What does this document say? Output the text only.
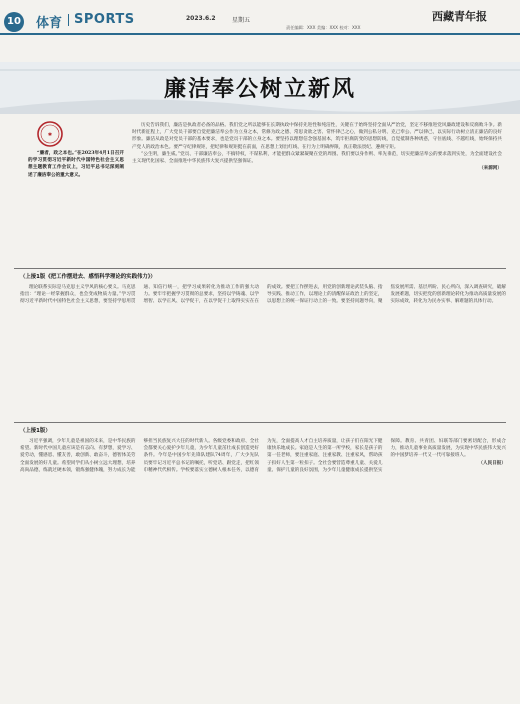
10 体育 SPORTS	2023.6.2	星期五	西藏青年报
责任编辑：XXX 美编：XXX 校对：XXX
廉洁奉公树立新风
✱

“廉者，政之本也。”在2023年4月1日召开的学习贯彻习近平新时代中国特色社会主义思想主题教育工作会议上，习近平总书记深刻阐述了廉洁奉公的重大意义。

历史告诉我们，廉洁是执政者必备的品格。我们党之所以能够在长期执政中保持先进性和纯洁性，关键在于始终坚持全面从严治党，坚定不移推进党风廉政建设和反腐败斗争。新时代新征程上，广大党员干部要自觉把廉洁奉公作为立身之本，常修为政之德、常思贪欲之害、常怀律己之心，做到公私分明、克己奉公、严以律己，以实际行动树立清正廉洁的良好形象。廉洁从政是对党员干部的基本要求，也是党员干部的立身之本。要坚持以理想信念强基固本，筑牢拒腐防变的思想防线，自觉抵制各种诱惑，守住底线、不越红线，始终保持共产党人的政治本色。要严守纪律规矩，把纪律和规矩挺在前面，在思想上划出红线、在行为上明确界限，真正敬法畏纪、遵规守矩。

“公生明，廉生威。”党员、干部廉洁奉公，不搞特权，不谋私利，才能把群众紧紧凝聚在党的周围。我们要以身作则、率先垂范，切实把廉洁奉公的要求落到实处，为全面建设社会主义现代化国家、全面推进中华民族伟大复兴提供坚强保证。

（来源网）

（上接1版《把工作摆进去、感悟科学理论的实践伟力》）

理论联系实际是马克思主义学风的核心要义。马克思指出：“理论一经掌握群众，也会变成物质力量。”学习贯彻习近平新时代中国特色社会主义思想，要坚持学思用贯通、知信行统一，把学习成果转化为推动工作的强大动力。要牢牢把握学习贯彻的总要求，坚持以学铸魂、以学增智、以学正风、以学促干，在以学促干上取得实实在在的成效。要把工作摆进去，用党的创新理论武装头脑、指导实践、推动工作，以理论上的清醒保证政治上的坚定，以思想上的统一保证行动上的一致。要坚持问题导向，聚焦发展所需、基层所盼、民心所向，深入调查研究，破解发展难题，切实把党的创新理论转化为推动高质量发展的实际成效，转化为为民办实事、解难题的具体行动。

（上接1版）

习近平强调，少年儿童是祖国的未来，是中华民族的希望。新时代中国儿童应该是有志向、有梦想，爱学习、爱劳动，懂感恩、懂友善，敢创新、敢奋斗，德智体美劳全面发展的好儿童。希望同学们从小树立远大理想，培养高尚品德，练就过硬本领，锻炼强健体魄，努力成长为能够担当民族复兴大任的时代新人。各级党委和政府、全社会都要关心爱护少年儿童，为少年儿童茁壮成长创造更好条件。今年是中国少年先锋队建队74周年，广大少先队员要牢记习近平总书记的嘱托，听党话、跟党走，把红领巾精神代代相传。学校要落实立德树人根本任务，以德育为先，全面提高人才自主培养质量，让孩子们在阳光下健康快乐地成长。家庭是人生的第一所学校，家长是孩子的第一任老师，要注重家庭、注重家教、注重家风，帮助孩子扣好人生第一粒扣子。全社会要营造尊重儿童、关爱儿童、保护儿童的良好氛围，为少年儿童健康成长提供坚实保障。教育、共青团、妇联等部门要密切配合，形成合力，推动儿童事业高质量发展，为实现中华民族伟大复兴的中国梦培养一代又一代可靠接班人。

（人民日报）
